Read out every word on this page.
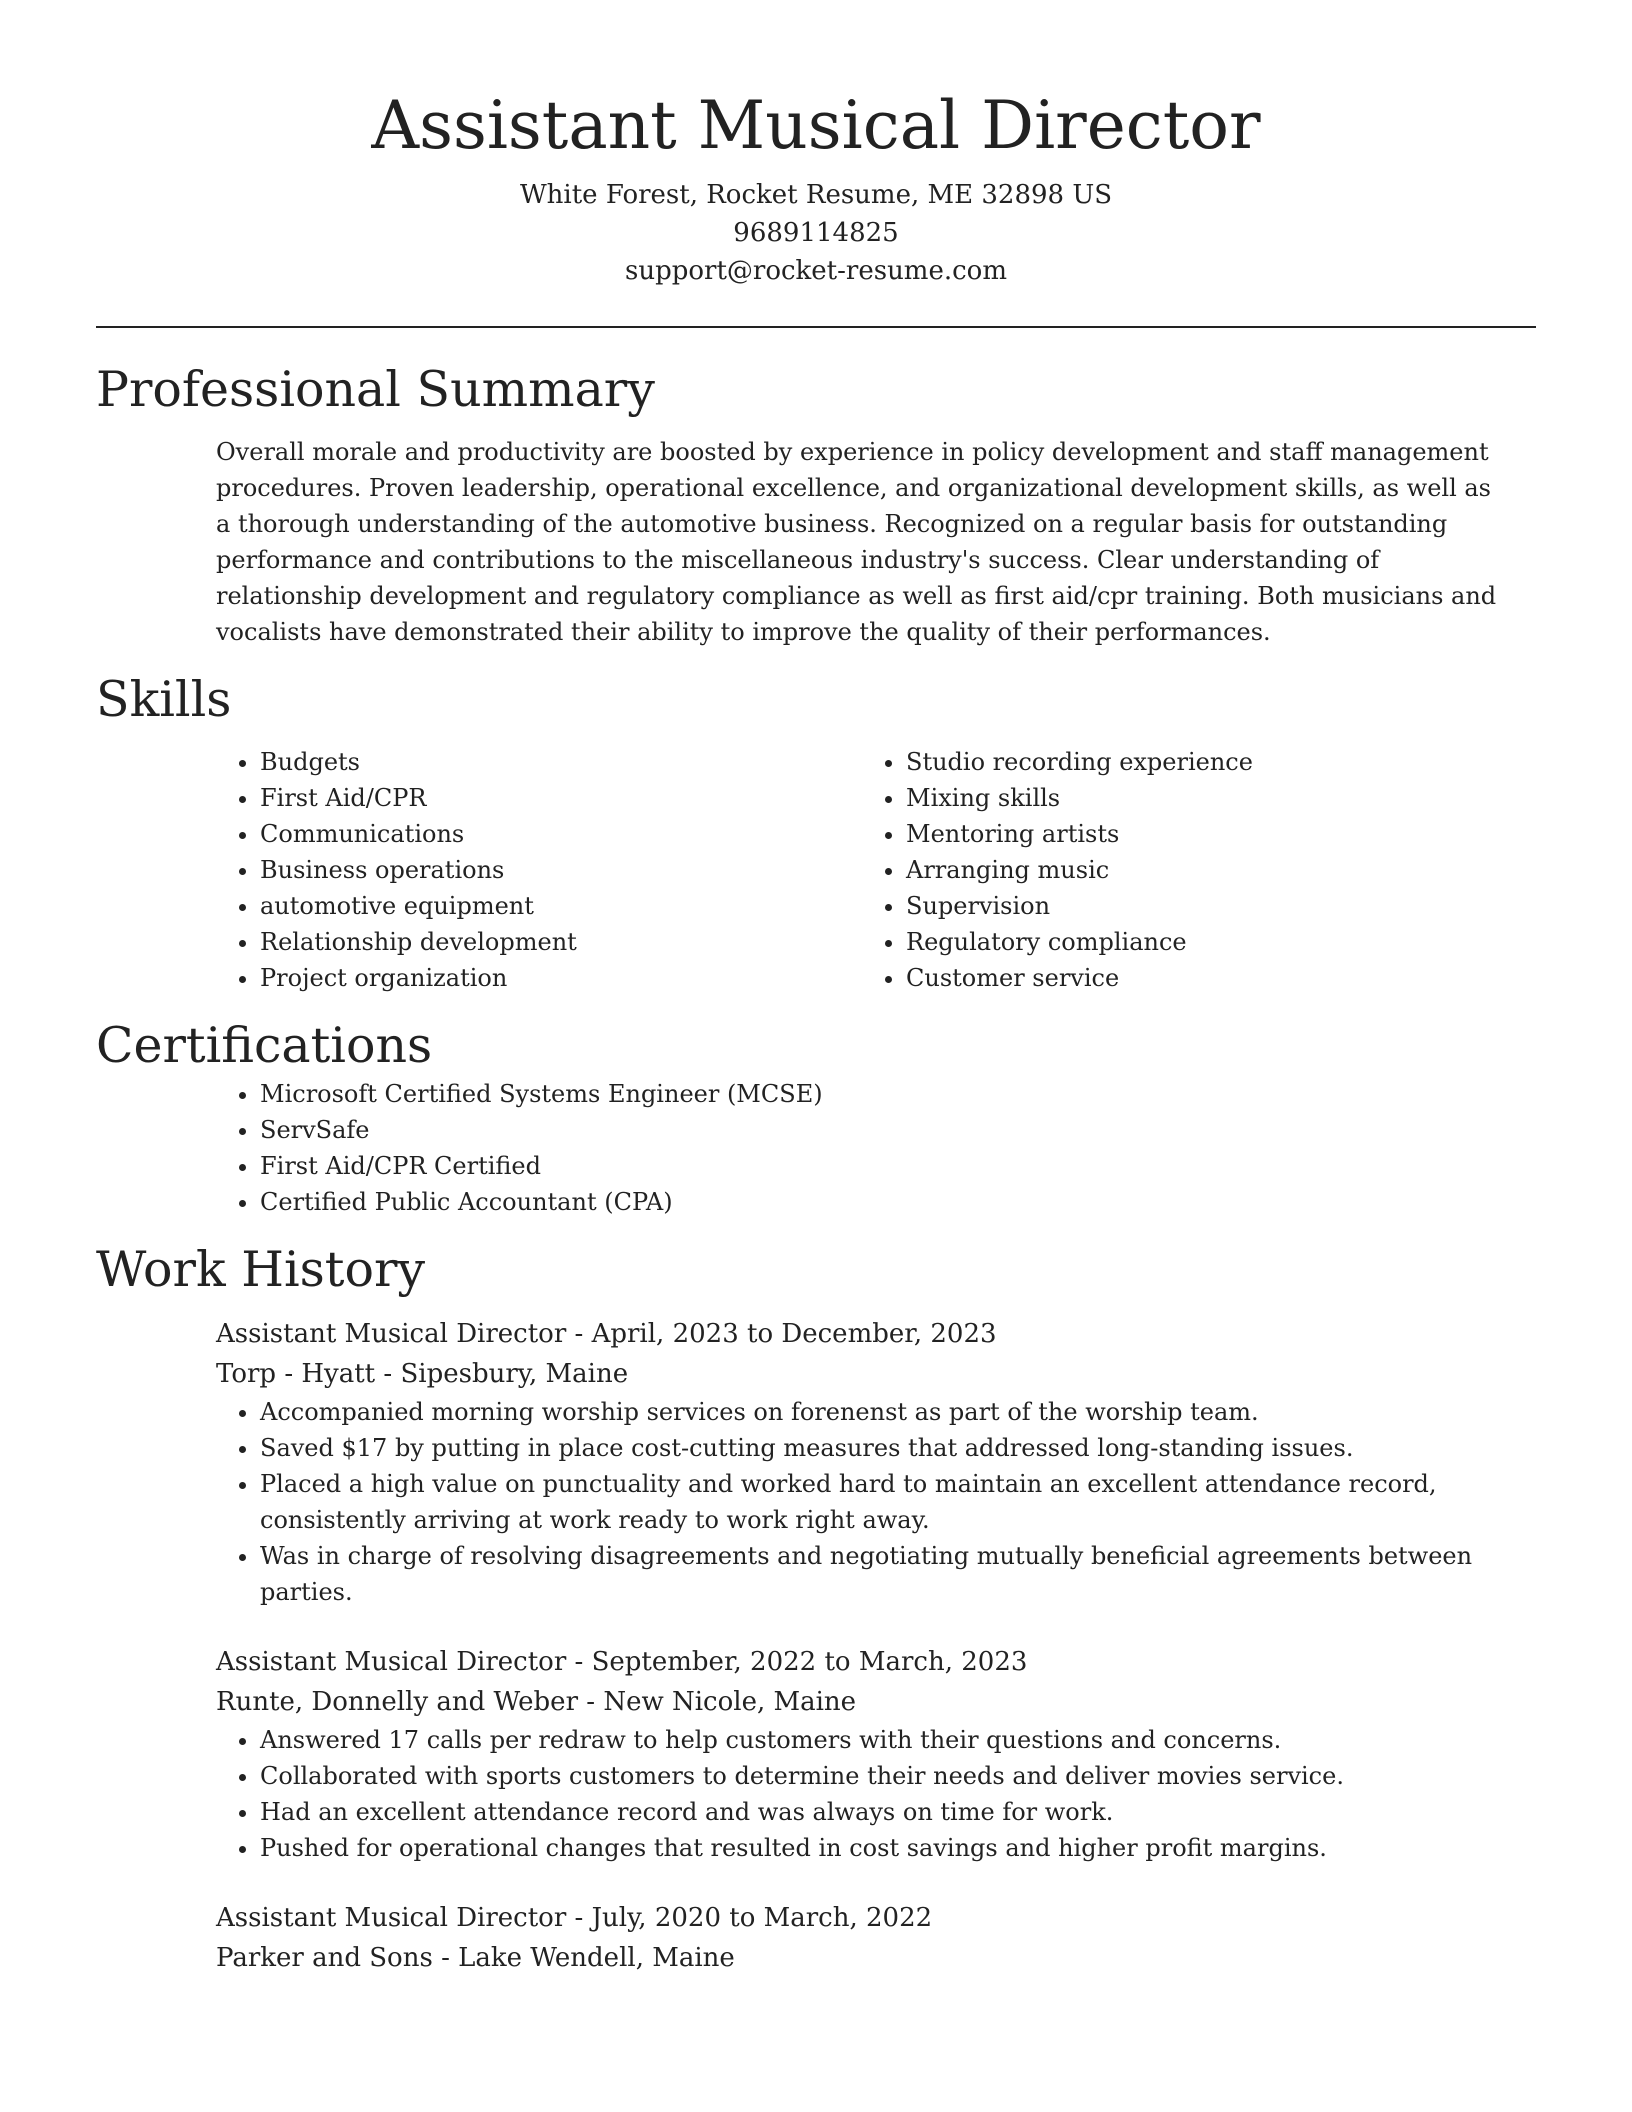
Assistant Musical Director

White Forest, Rocket Resume, ME 32898 US

9689114825

support@rocket-resume.com

Professional Summary

Overall morale and productivity are boosted by experience in policy development and staff management procedures. Proven leadership, operational excellence, and organizational development skills, as well as a thorough understanding of the automotive business. Recognized on a regular basis for outstanding performance and contributions to the miscellaneous industry's success. Clear understanding of relationship development and regulatory compliance as well as first aid/cpr training. Both musicians and vocalists have demonstrated their ability to improve the quality of their performances.

Skills
• Budgets
• First Aid/CPR
• Communications
• Business operations
• automotive equipment
• Relationship development
• Project organization
• Studio recording experience
• Mixing skills
• Mentoring artists
• Arranging music
• Supervision
• Regulatory compliance
• Customer service
Certifications
• Microsoft Certified Systems Engineer (MCSE)
• ServSafe
• First Aid/CPR Certified
• Certified Public Accountant (CPA)
Work History

Assistant Musical Director - April, 2023 to December, 2023

Torp - Hyatt - Sipesbury, Maine

• Accompanied morning worship services on forenenst as part of the worship team.
• Saved $17 by putting in place cost-cutting measures that addressed long-standing issues.
• Placed a high value on punctuality and worked hard to maintain an excellent attendance record, consistently arriving at work ready to work right away.
• Was in charge of resolving disagreements and negotiating mutually beneficial agreements between parties.

Assistant Musical Director - September, 2022 to March, 2023

Runte, Donnelly and Weber - New Nicole, Maine

• Answered 17 calls per redraw to help customers with their questions and concerns.
• Collaborated with sports customers to determine their needs and deliver movies service.
• Had an excellent attendance record and was always on time for work.
• Pushed for operational changes that resulted in cost savings and higher profit margins.

Assistant Musical Director - July, 2020 to March, 2022

Parker and Sons - Lake Wendell, Maine
